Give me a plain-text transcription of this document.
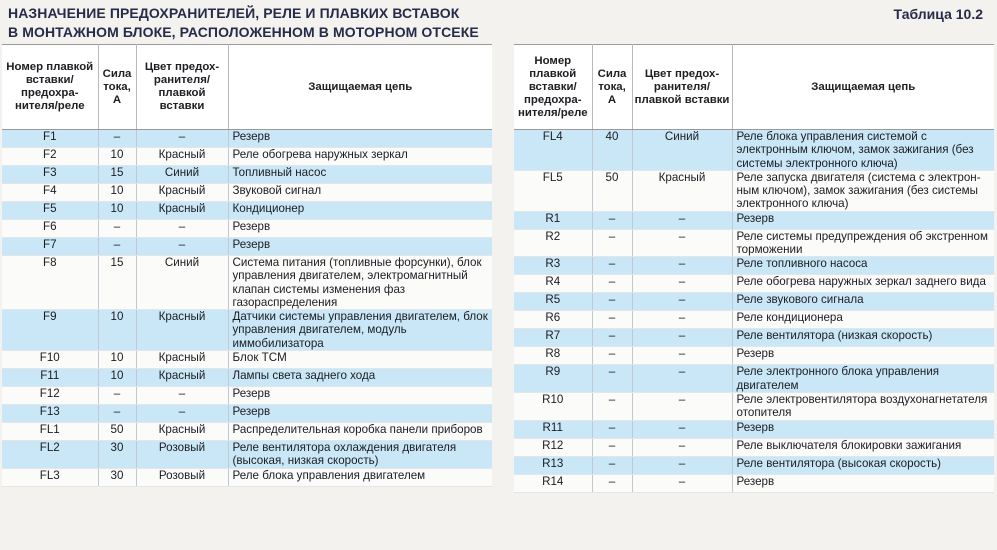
НАЗНАЧЕНИЕ ПРЕДОХРАНИТЕЛЕЙ, РЕЛЕ И ПЛАВКИХ ВСТАВОК
В МОНТАЖНОМ БЛОКЕ, РАСПОЛОЖЕННОМ В МОТОРНОМ ОТСЕКЕ
Таблица 10.2
Номер плавкой вставки/ предохра- нителя/реле	Сила тока, А	Цвет предох- ранителя/ плавкой вставки	Защищаемая цепь
F1	–	–	Резерв
F2	10	Красный	Реле обогрева наружных зеркал
F3	15	Синий	Топливный насос
F4	10	Красный	Звуковой сигнал
F5	10	Красный	Кондиционер
F6	–	–	Резерв
F7	–	–	Резерв
F8	15	Синий	Система питания (топливные форсунки), блок управления двигателем, электромагнитный клапан системы изменения фаз газораспределения
F9	10	Красный	Датчики системы управления двигателем, блок управления двигателем, модуль иммобилизатора
F10	10	Красный	Блок TCM
F11	10	Красный	Лампы света заднего хода
F12	–	–	Резерв
F13	–	–	Резерв
FL1	50	Красный	Распределительная коробка панели приборов
FL2	30	Розовый	Реле вентилятора охлаждения двигателя (высокая, низкая скорость)
FL3	30	Розовый	Реле блока управления двигателем
Номер плавкой вставки/ предохра- нителя/реле	Сила тока, А	Цвет предох- ранителя/ плавкой вставки	Защищаемая цепь
FL4	40	Синий	Реле блока управления системой с электронным ключом, замок зажигания (без системы электронного ключа)
FL5	50	Красный	Реле запуска двигателя (система с электрон- ным ключом), замок зажигания (без системы электронного ключа)
R1	–	–	Резерв
R2	–	–	Реле системы предупреждения об экстренном торможении
R3	–	–	Реле топливного насоса
R4	–	–	Реле обогрева наружных зеркал заднего вида
R5	–	–	Реле звукового сигнала
R6	–	–	Реле кондиционера
R7	–	–	Реле вентилятора (низкая скорость)
R8	–	–	Резерв
R9	–	–	Реле электронного блока управления двигателем
R10	–	–	Реле электровентилятора воздухонагнетателя отопителя
R11	–	–	Резерв
R12	–	–	Реле выключателя блокировки зажигания
R13	–	–	Реле вентилятора (высокая скорость)
R14	–	–	Резерв
